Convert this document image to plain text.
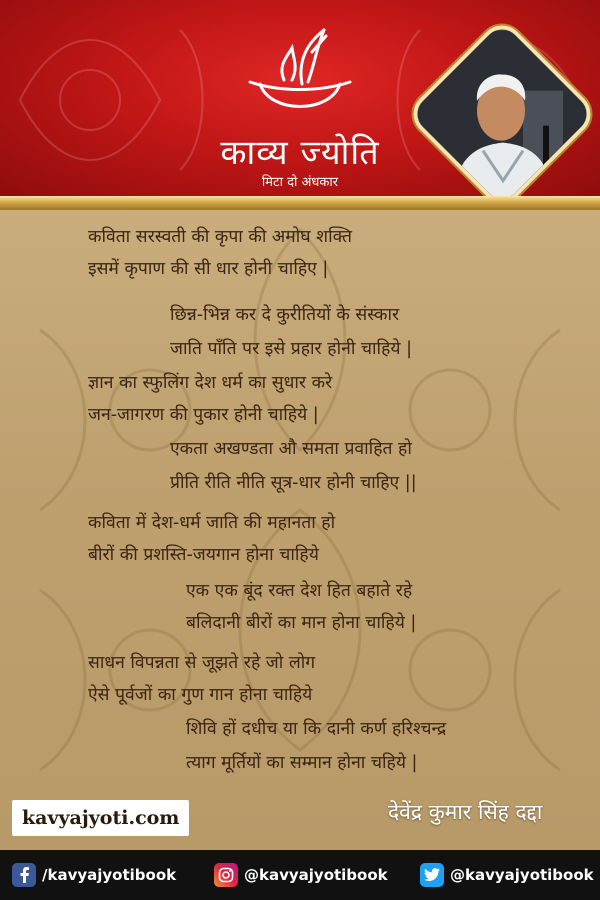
काव्य ज्योति
मिटा दो अंधकार
कविता सरस्वती की कृपा की अमोघ शक्ति
इसमें कृपाण की सी धार होनी चाहिए |
छिन्न-भिन्न कर दे कुरीतियों के संस्कार
जाति पाँति पर इसे प्रहार होनी चाहिये |
ज्ञान का स्फुलिंग देश धर्म का सुधार करे
जन-जागरण की पुकार होनी चाहिये |
एकता अखण्डता औ समता प्रवाहित हो
प्रीति रीति नीति सूत्र-धार होनी चाहिए ||
कविता में देश-धर्म जाति की महानता हो
बीरों की प्रशस्ति-जयगान होना चाहिये
एक एक बूंद रक्त देश हित बहाते रहे
बलिदानी बीरों का मान होना चाहिये |
साधन विपन्नता से जूझते रहे जो लोग
ऐसे पूर्वजों का गुण गान होना चाहिये
शिवि हों दधीच या कि दानी कर्ण हरिश्चन्द्र
त्याग मूर्तियों का सम्मान होना चहिये |
kavyajyoti.com	देवेंद्र कुमार सिंह दद्दा
/kavyajyotibook	@kavyajyotibook	@kavyajyotibook
